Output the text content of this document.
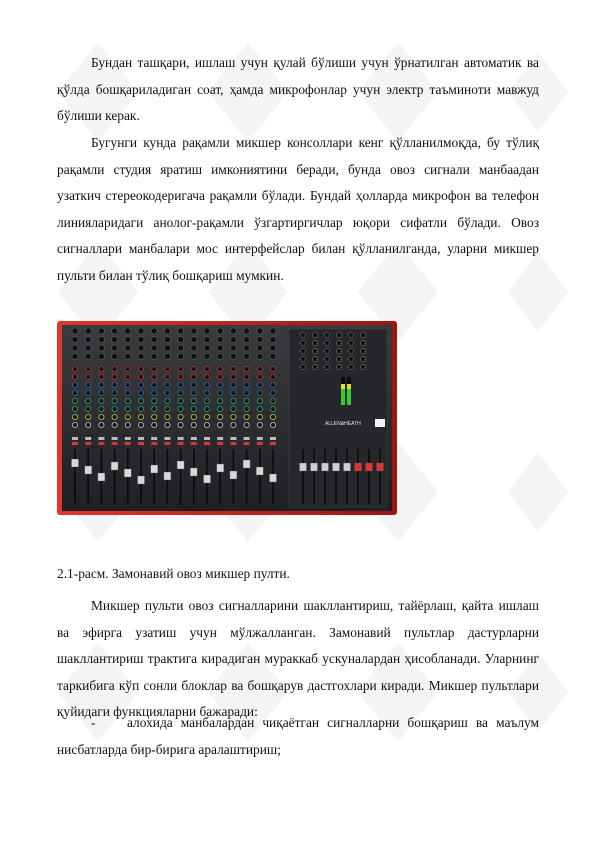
Бундан ташқари, ишлаш учун қулай бўлиши учун ўрнатилган автоматик ва қўлда бошқариладиган соат, ҳамда микрофонлар учун электр таъминоти мавжуд бўлиши керак.

Бугунги кунда рақамли микшер консоллари кенг қўлланилмоқда, бу тўлиқ рақамли студия яратиш имкониятини беради, бунда овоз сигнали манбаадан узаткич стереокодеригача рақамли бўлади. Бундай ҳолларда микрофон ва телефон линияларидаги анолог-рақамли ўзгартиргичлар юқори сифатли бўлади. Овоз сигналлари манбалари мос интерфейслар билан қўлланилганда, уларни микшер пульти билан тўлиқ бошқариш мумкин.

Микшер пульти овоз сигналларини шакллантириш, тайёрлаш, қайта ишлаш ва эфирга узатиш учун мўлжалланган. Замонавий пультлар дастурларни шакллантириш трактига кирадиган мураккаб ускуналардан ҳисобланади. Уларнинг таркибига кўп сонли блоклар ва бошқарув дастгохлари киради. Микшер пультлари қуйидаги функцияларни бажаради:

ALLEN&HEATH

2.1-расм. Замонавий овоз микшер пулти.

-	алохида манбалардан чиқаётган сигналларни бошқариш ва маълум нисбатларда бир-бирига аралаштириш;
